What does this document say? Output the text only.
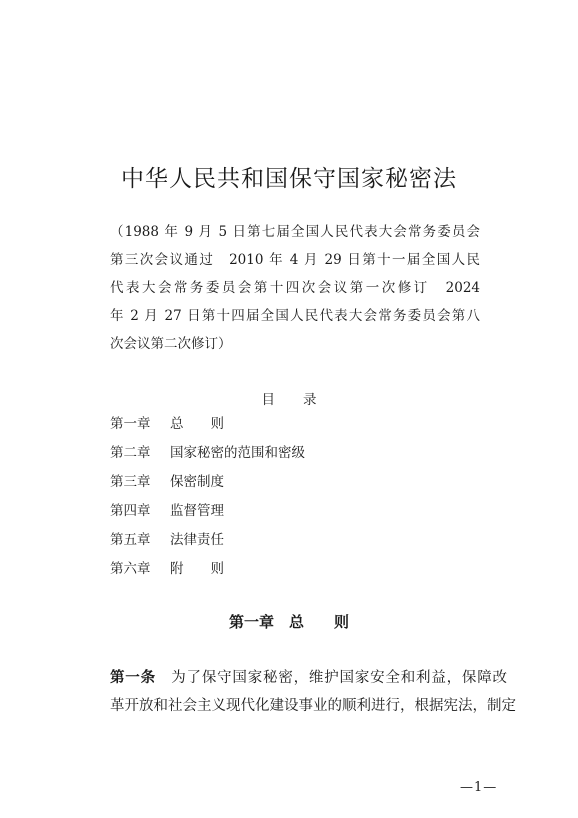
中华人民共和国保守国家秘密法
（1988 年 9 月 5 日第七届全国人民代表大会常务委员会
第三次会议通过　2010 年 4 月 29 日第十一届全国人民
代表大会常务委员会第十四次会议第一次修订　2024
年 2 月 27 日第十四届全国人民代表大会常务委员会第八
次会议第二次修订）
目 录
第一章 总　　则
第二章 国家秘密的范围和密级
第三章 保密制度
第四章 监督管理
第五章 法律责任
第六章 附　　则
第一章　总　　则
第一条　 为了保守国家秘密，维护国家安全和利益，保障改
革开放和社会主义现代化建设事业的顺利进行，根据宪法，制定
—1—
